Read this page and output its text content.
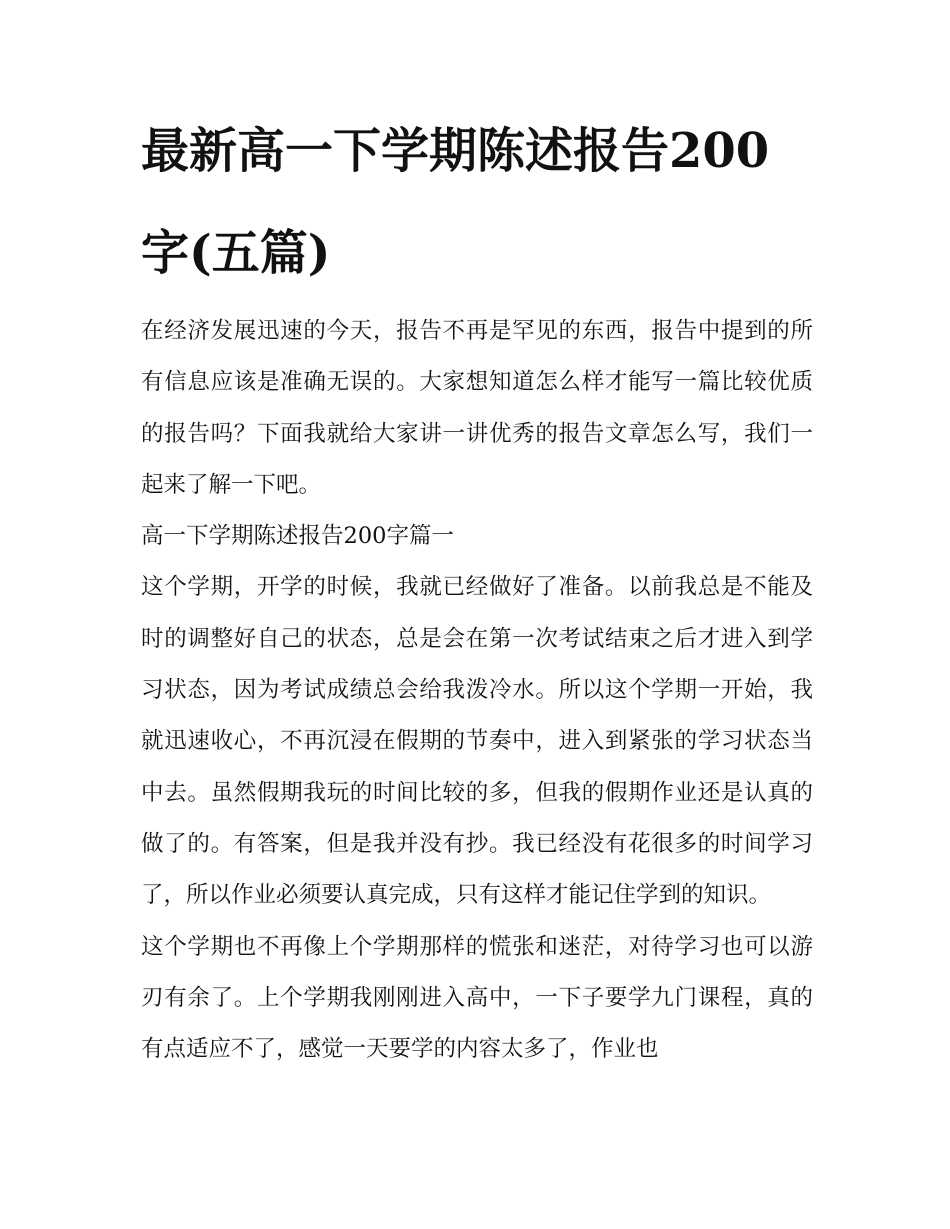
最新高一下学期陈述报告200字(五篇)

在经济发展迅速的今天，报告不再是罕见的东西，报告中提到的所有信息应该是准确无误的。大家想知道怎么样才能写一篇比较优质的报告吗？下面我就给大家讲一讲优秀的报告文章怎么写，我们一起来了解一下吧。

高一下学期陈述报告200字篇一

这个学期，开学的时候，我就已经做好了准备。以前我总是不能及时的调整好自己的状态，总是会在第一次考试结束之后才进入到学习状态，因为考试成绩总会给我泼冷水。所以这个学期一开始，我就迅速收心，不再沉浸在假期的节奏中，进入到紧张的学习状态当中去。虽然假期我玩的时间比较的多，但我的假期作业还是认真的做了的。有答案，但是我并没有抄。我已经没有花很多的时间学习了，所以作业必须要认真完成，只有这样才能记住学到的知识。

这个学期也不再像上个学期那样的慌张和迷茫，对待学习也可以游刃有余了。上个学期我刚刚进入高中，一下子要学九门课程，真的有点适应不了，感觉一天要学的内容太多了，作业也
